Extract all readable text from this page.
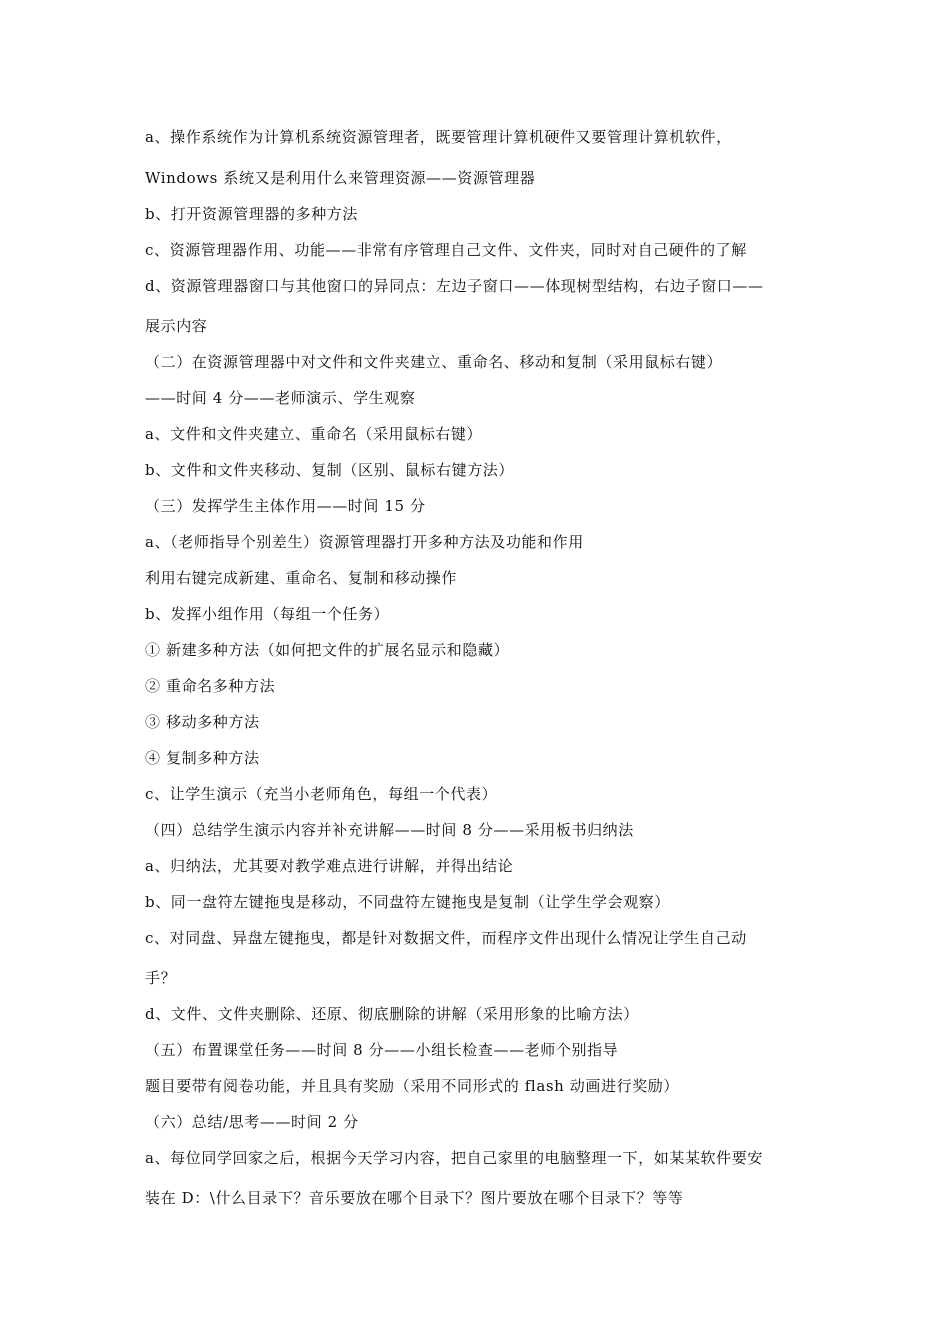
a、操作系统作为计算机系统资源管理者，既要管理计算机硬件又要管理计算机软件，
Windows 系统又是利用什么来管理资源——资源管理器
b、打开资源管理器的多种方法
c、资源管理器作用、功能——非常有序管理自己文件、文件夹，同时对自己硬件的了解
d、资源管理器窗口与其他窗口的异同点：左边子窗口——体现树型结构，右边子窗口——
展示内容
（二）在资源管理器中对文件和文件夹建立、重命名、移动和复制（采用鼠标右键）
——时间 4 分——老师演示、学生观察
a、文件和文件夹建立、重命名（采用鼠标右键）
b、文件和文件夹移动、复制（区别、鼠标右键方法）
（三）发挥学生主体作用——时间 15 分
a、（老师指导个别差生）资源管理器打开多种方法及功能和作用
利用右键完成新建、重命名、复制和移动操作
b、发挥小组作用（每组一个任务）
① 新建多种方法（如何把文件的扩展名显示和隐藏）
② 重命名多种方法
③ 移动多种方法
④ 复制多种方法
c、让学生演示（充当小老师角色，每组一个代表）
（四）总结学生演示内容并补充讲解——时间 8 分——采用板书归纳法
a、归纳法，尤其要对教学难点进行讲解，并得出结论
b、同一盘符左键拖曳是移动，不同盘符左键拖曳是复制（让学生学会观察）
c、对同盘、异盘左键拖曳，都是针对数据文件，而程序文件出现什么情况让学生自己动
手？
d、文件、文件夹删除、还原、彻底删除的讲解（采用形象的比喻方法）
（五）布置课堂任务——时间 8 分——小组长检查——老师个别指导
题目要带有阅卷功能，并且具有奖励（采用不同形式的 flash 动画进行奖励）
（六）总结/思考——时间 2 分
a、每位同学回家之后，根据今天学习内容，把自己家里的电脑整理一下，如某某软件要安
装在 D：\什么目录下？音乐要放在哪个目录下？图片要放在哪个目录下？等等
